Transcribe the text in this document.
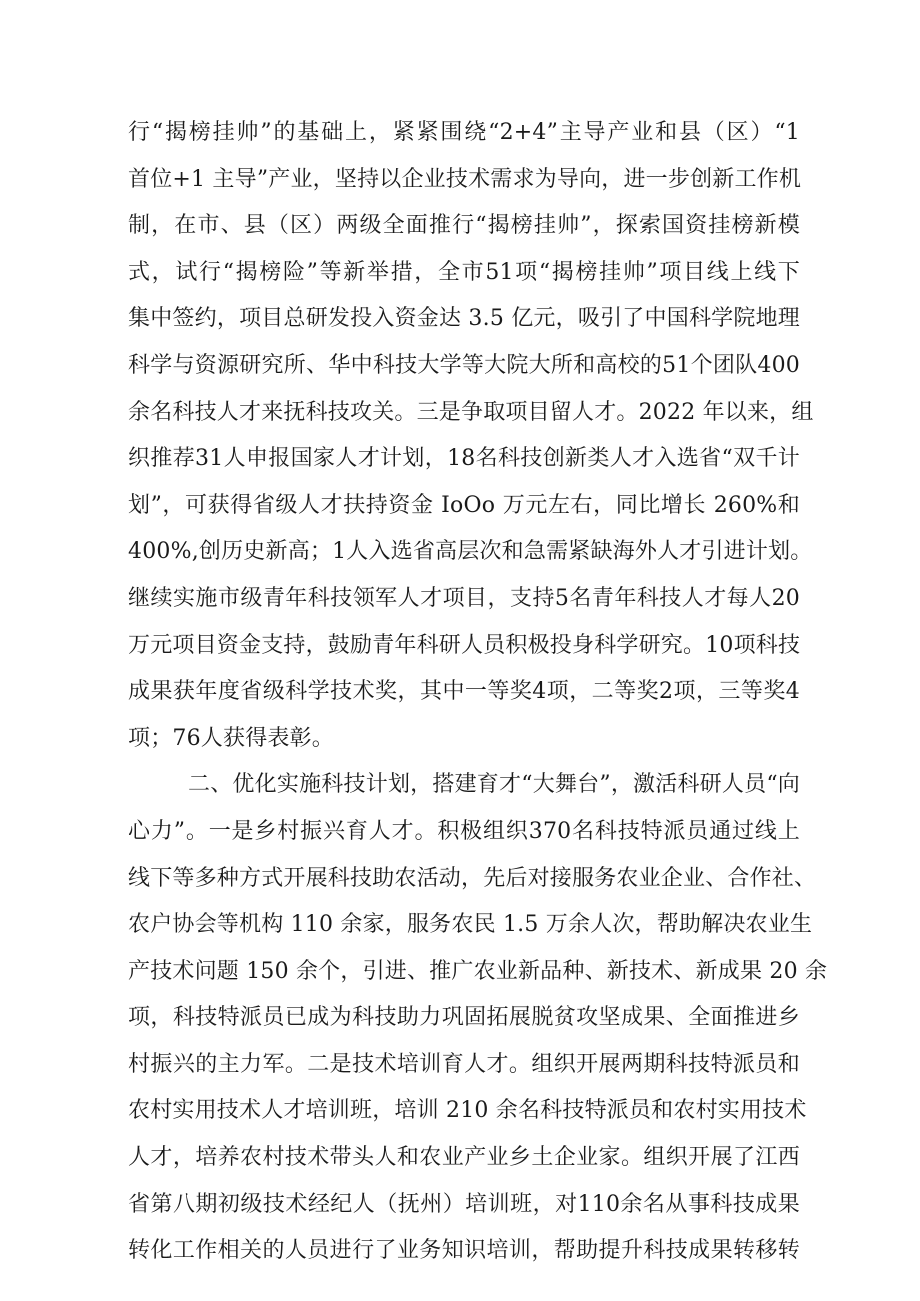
行“揭榜挂帅”的基础上，紧紧围绕“2+4”主导产业和县（区）“1
首位+1 主导”产业，坚持以企业技术需求为导向，进一步创新工作机
制，在市、县（区）两级全面推行“揭榜挂帅”，探索国资挂榜新模
式，试行“揭榜险”等新举措，全市51项“揭榜挂帅”项目线上线下
集中签约，项目总研发投入资金达 3.5 亿元，吸引了中国科学院地理
科学与资源研究所、华中科技大学等大院大所和高校的51个团队400
余名科技人才来抚科技攻关。三是争取项目留人才。2022 年以来，组
织推荐31人申报国家人才计划，18名科技创新类人才入选省“双千计
划”，可获得省级人才扶持资金 IoOo 万元左右，同比增长 260%和
400%,创历史新高；1人入选省高层次和急需紧缺海外人才引进计划。
继续实施市级青年科技领军人才项目，支持5名青年科技人才每人20
万元项目资金支持，鼓励青年科研人员积极投身科学研究。10项科技
成果获年度省级科学技术奖，其中一等奖4项，二等奖2项，三等奖4
项；76人获得表彰。
二、优化实施科技计划，搭建育才“大舞台”，激活科研人员“向
心力”。一是乡村振兴育人才。积极组织370名科技特派员通过线上
线下等多种方式开展科技助农活动，先后对接服务农业企业、合作社、
农户协会等机构 110 余家，服务农民 1.5 万余人次，帮助解决农业生
产技术问题 150 余个，引进、推广农业新品种、新技术、新成果 20 余
项，科技特派员已成为科技助力巩固拓展脱贫攻坚成果、全面推进乡
村振兴的主力军。二是技术培训育人才。组织开展两期科技特派员和
农村实用技术人才培训班，培训 210 余名科技特派员和农村实用技术
人才，培养农村技术带头人和农业产业乡土企业家。组织开展了江西
省第八期初级技术经纪人（抚州）培训班，对110余名从事科技成果
转化工作相关的人员进行了业务知识培训，帮助提升科技成果转移转
